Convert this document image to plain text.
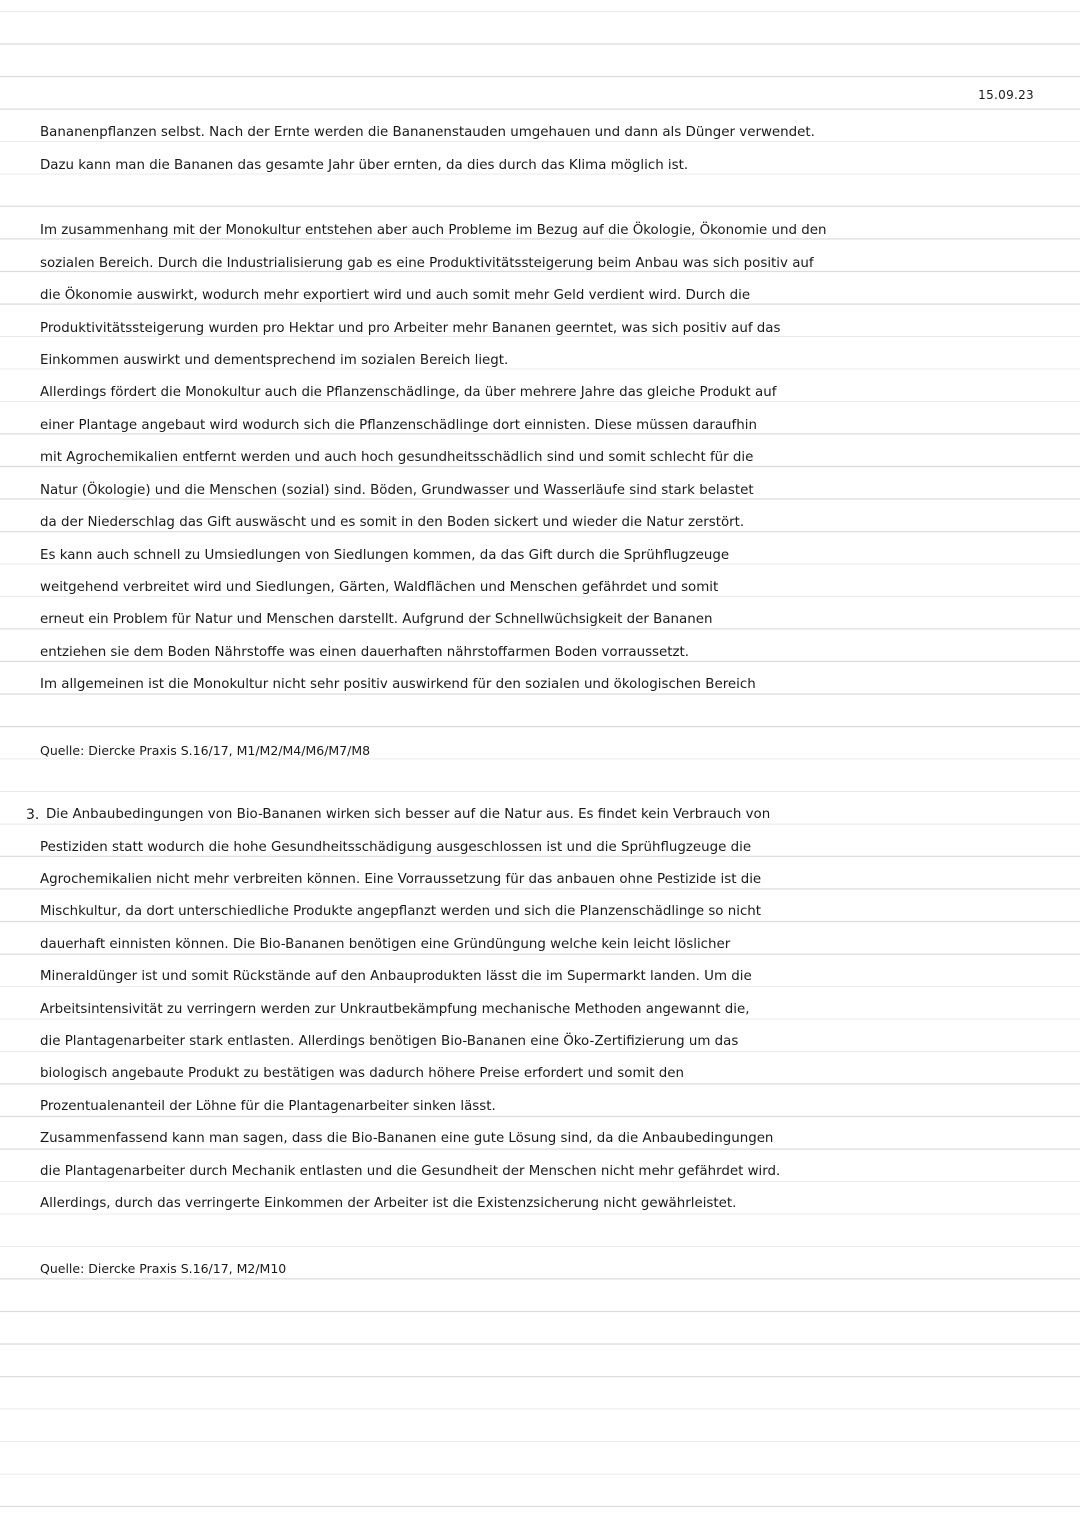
15.09.23
Bananenpflanzen selbst. Nach der Ernte werden die Bananenstauden umgehauen und dann als Dünger verwendet.
Dazu kann man die Bananen das gesamte Jahr über ernten, da dies durch das Klima möglich ist.
Im zusammenhang mit der Monokultur entstehen aber auch Probleme im Bezug auf die Ökologie, Ökonomie und den
sozialen Bereich. Durch die Industrialisierung gab es eine Produktivitätssteigerung beim Anbau was sich positiv auf
die Ökonomie auswirkt, wodurch mehr exportiert wird und auch somit mehr Geld verdient wird. Durch die
Produktivitätssteigerung wurden pro Hektar und pro Arbeiter mehr Bananen geerntet, was sich positiv auf das
Einkommen auswirkt und dementsprechend im sozialen Bereich liegt.
Allerdings fördert die Monokultur auch die Pflanzenschädlinge, da über mehrere Jahre das gleiche Produkt auf
einer Plantage angebaut wird wodurch sich die Pflanzenschädlinge dort einnisten. Diese müssen daraufhin
mit Agrochemikalien entfernt werden und auch hoch gesundheitsschädlich sind und somit schlecht für die
Natur (Ökologie) und die Menschen (sozial) sind. Böden, Grundwasser und Wasserläufe sind stark belastet
da der Niederschlag das Gift auswäscht und es somit in den Boden sickert und wieder die Natur zerstört.
Es kann auch schnell zu Umsiedlungen von Siedlungen kommen, da das Gift durch die Sprühflugzeuge
weitgehend verbreitet wird und Siedlungen, Gärten, Waldflächen und Menschen gefährdet und somit
erneut ein Problem für Natur und Menschen darstellt. Aufgrund der Schnellwüchsigkeit der Bananen
entziehen sie dem Boden Nährstoffe was einen dauerhaften nährstoffarmen Boden vorraussetzt.
Im allgemeinen ist die Monokultur nicht sehr positiv auswirkend für den sozialen und ökologischen Bereich
Quelle: Diercke Praxis S.16/17, M1/M2/M4/M6/M7/M8
3. Die Anbaubedingungen von Bio-Bananen wirken sich besser auf die Natur aus. Es findet kein Verbrauch von
Pestiziden statt wodurch die hohe Gesundheitsschädigung ausgeschlossen ist und die Sprühflugzeuge die
Agrochemikalien nicht mehr verbreiten können. Eine Vorraussetzung für das anbauen ohne Pestizide ist die
Mischkultur, da dort unterschiedliche Produkte angepflanzt werden und sich die Planzenschädlinge so nicht
dauerhaft einnisten können. Die Bio-Bananen benötigen eine Gründüngung welche kein leicht löslicher
Mineraldünger ist und somit Rückstände auf den Anbauprodukten lässt die im Supermarkt landen. Um die
Arbeitsintensivität zu verringern werden zur Unkrautbekämpfung mechanische Methoden angewannt die,
die Plantagenarbeiter stark entlasten. Allerdings benötigen Bio-Bananen eine Öko-Zertifizierung um das
biologisch angebaute Produkt zu bestätigen was dadurch höhere Preise erfordert und somit den
Prozentualenanteil der Löhne für die Plantagenarbeiter sinken lässt.
Zusammenfassend kann man sagen, dass die Bio-Bananen eine gute Lösung sind, da die Anbaubedingungen
die Plantagenarbeiter durch Mechanik entlasten und die Gesundheit der Menschen nicht mehr gefährdet wird.
Allerdings, durch das verringerte Einkommen der Arbeiter ist die Existenzsicherung nicht gewährleistet.
Quelle: Diercke Praxis S.16/17, M2/M10
